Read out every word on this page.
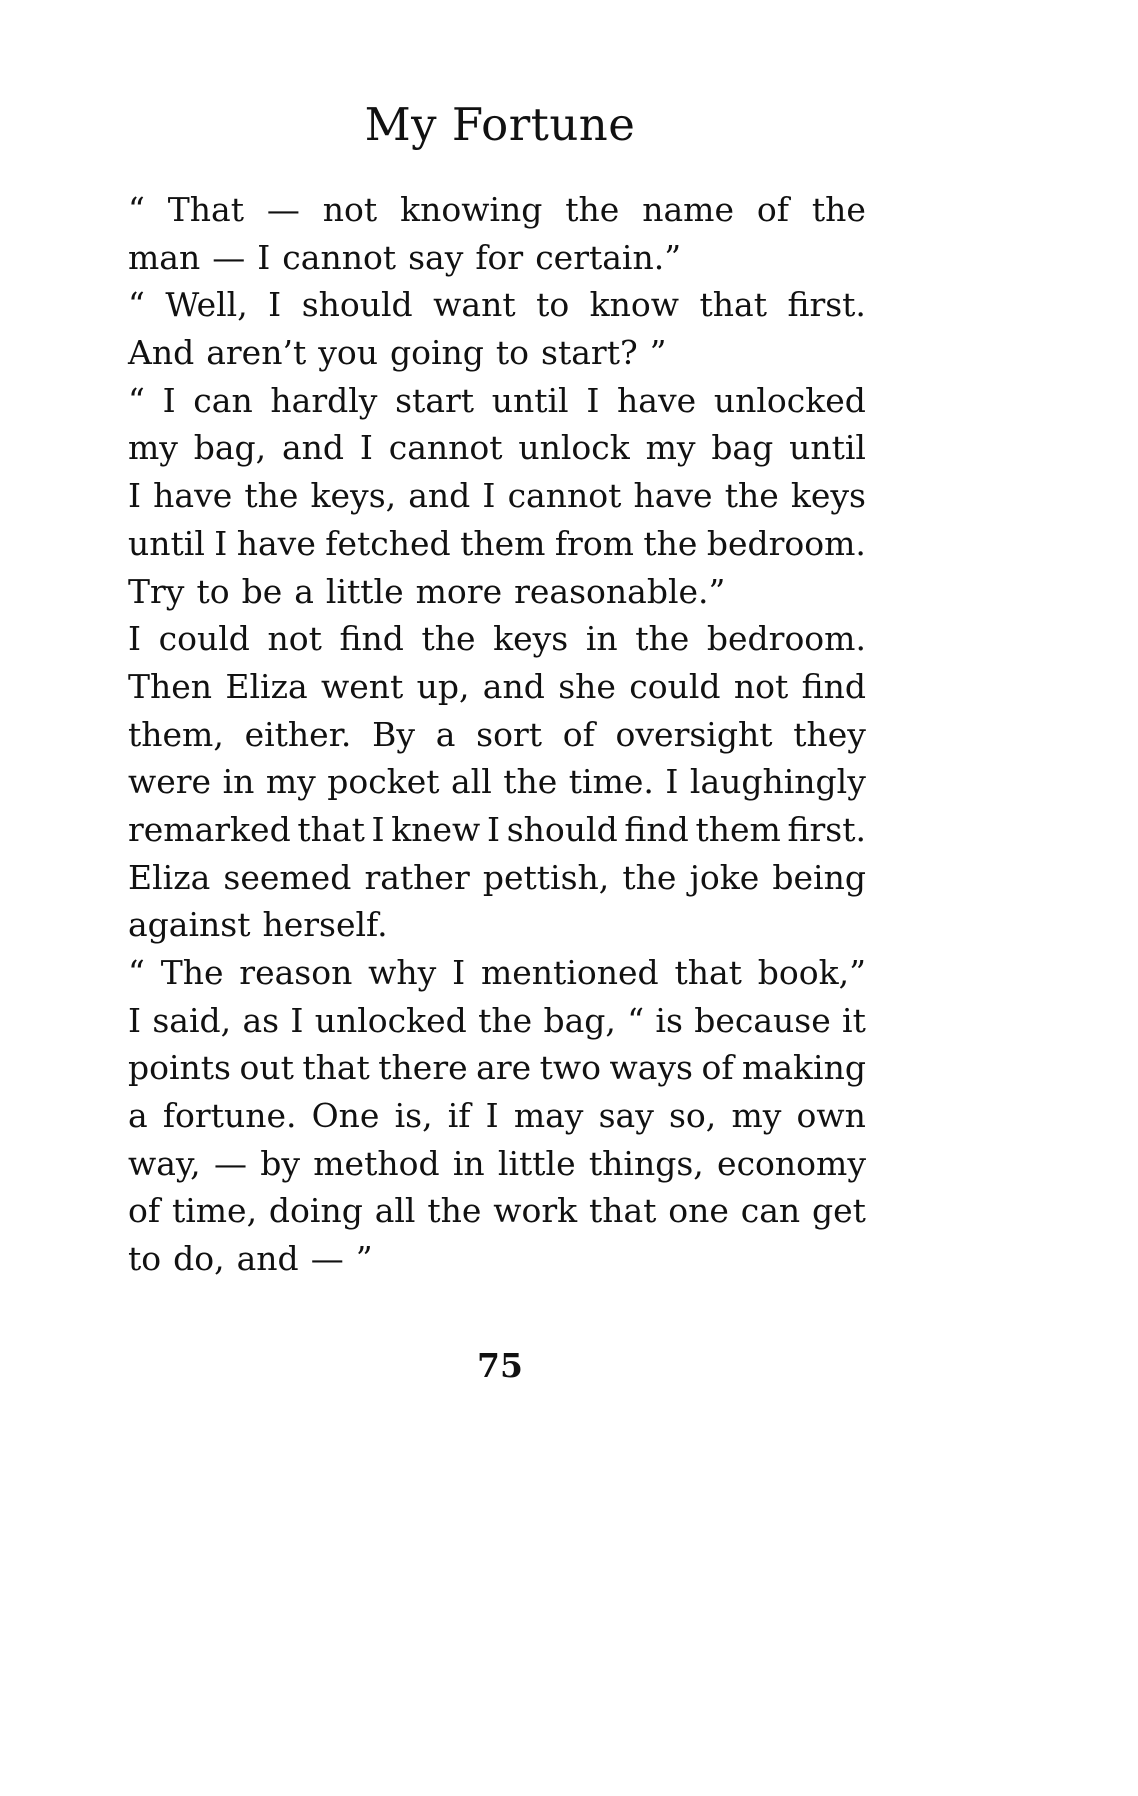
My Fortune
“ That — not knowing the name of the
man — I cannot say for certain.”
“ Well, I should want to know that first.
And aren’t you going to start? ”
“ I can hardly start until I have unlocked
my bag, and I cannot unlock my bag until
I have the keys, and I cannot have the keys
until I have fetched them from the bedroom.
Try to be a little more reasonable.”
I could not find the keys in the bedroom.
Then Eliza went up, and she could not find
them, either. By a sort of oversight they
were in my pocket all the time. I laughingly
remarked that I knew I should find them first.
Eliza seemed rather pettish, the joke being
against herself.
“ The reason why I mentioned that book,”
I said, as I unlocked the bag, “ is because it
points out that there are two ways of making
a fortune. One is, if I may say so, my own
way, — by method in little things, economy
of time, doing all the work that one can get
to do, and — ”
75
